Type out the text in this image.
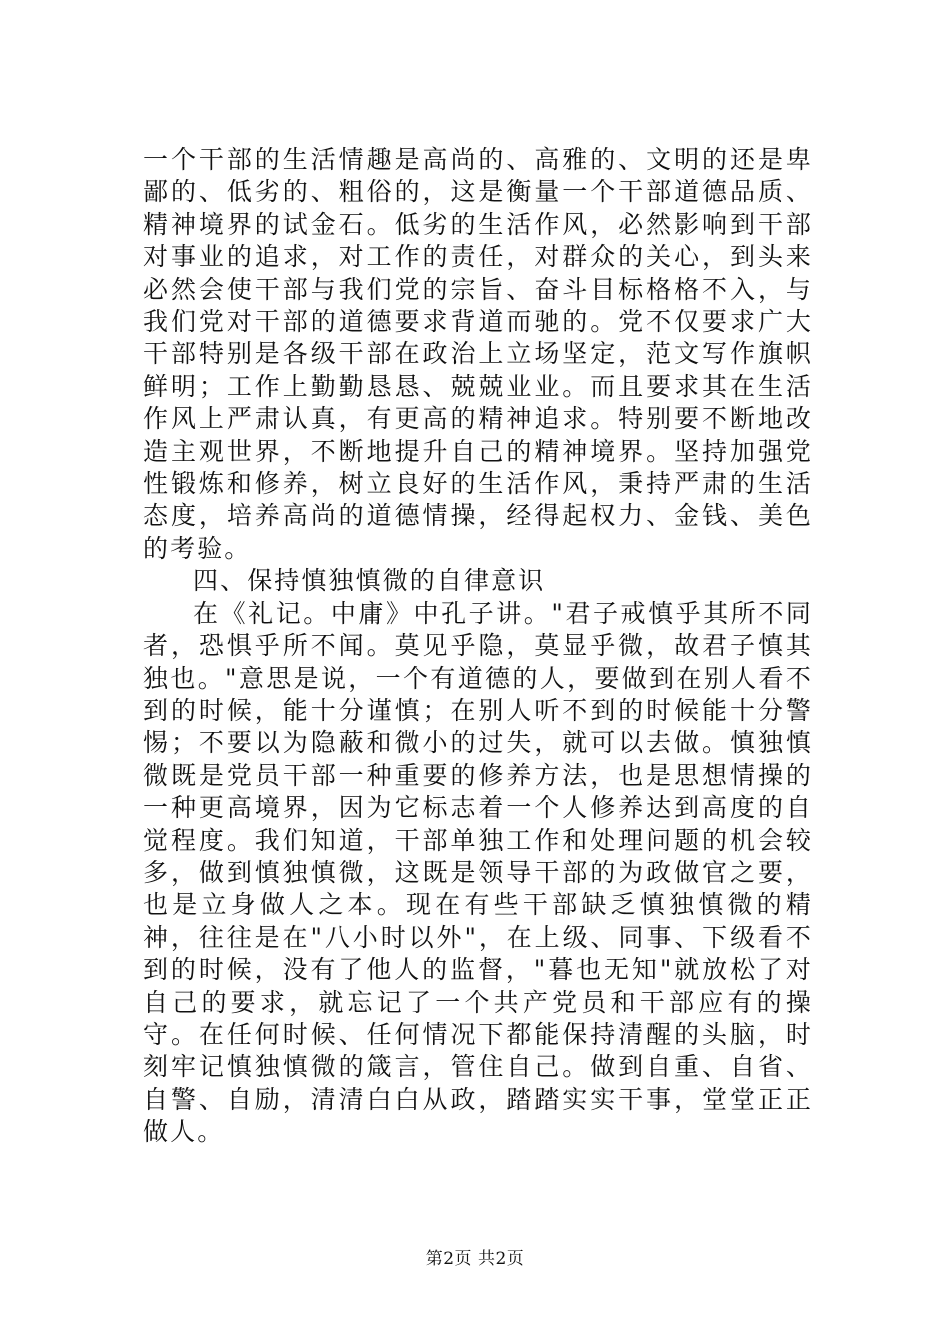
一个干部的生活情趣是高尚的、高雅的、文明的还是卑鄙的、低劣的、粗俗的，这是衡量一个干部道德品质、精神境界的试金石。低劣的生活作风，必然影响到干部对事业的追求，对工作的责任，对群众的关心，到头来必然会使干部与我们党的宗旨、奋斗目标格格不入，与我们党对干部的道德要求背道而驰的。党不仅要求广大干部特别是各级干部在政治上立场坚定，范文写作旗帜鲜明；工作上勤勤恳恳、兢兢业业。而且要求其在生活作风上严肃认真，有更高的精神追求。特别要不断地改造主观世界，不断地提升自己的精神境界。坚持加强党性锻炼和修养，树立良好的生活作风，秉持严肃的生活态度，培养高尚的道德情操，经得起权力、金钱、美色的考验。

四、保持慎独慎微的自律意识

在《礼记。中庸》中孔子讲。"君子戒慎乎其所不同者，恐惧乎所不闻。莫见乎隐，莫显乎微，故君子慎其独也。"意思是说，一个有道德的人，要做到在别人看不到的时候，能十分谨慎；在别人听不到的时候能十分警惕；不要以为隐蔽和微小的过失，就可以去做。慎独慎微既是党员干部一种重要的修养方法，也是思想情操的一种更高境界，因为它标志着一个人修养达到高度的自觉程度。我们知道，干部单独工作和处理问题的机会较多，做到慎独慎微，这既是领导干部的为政做官之要，也是立身做人之本。现在有些干部缺乏慎独慎微的精神，往往是在"八小时以外"，在上级、同事、下级看不到的时候，没有了他人的监督，"暮也无知"就放松了对自己的要求，就忘记了一个共产党员和干部应有的操守。在任何时候、任何情况下都能保持清醒的头脑，时刻牢记慎独慎微的箴言，管住自己。做到自重、自省、自警、自励，清清白白从政，踏踏实实干事，堂堂正正做人。

第2页 共2页
